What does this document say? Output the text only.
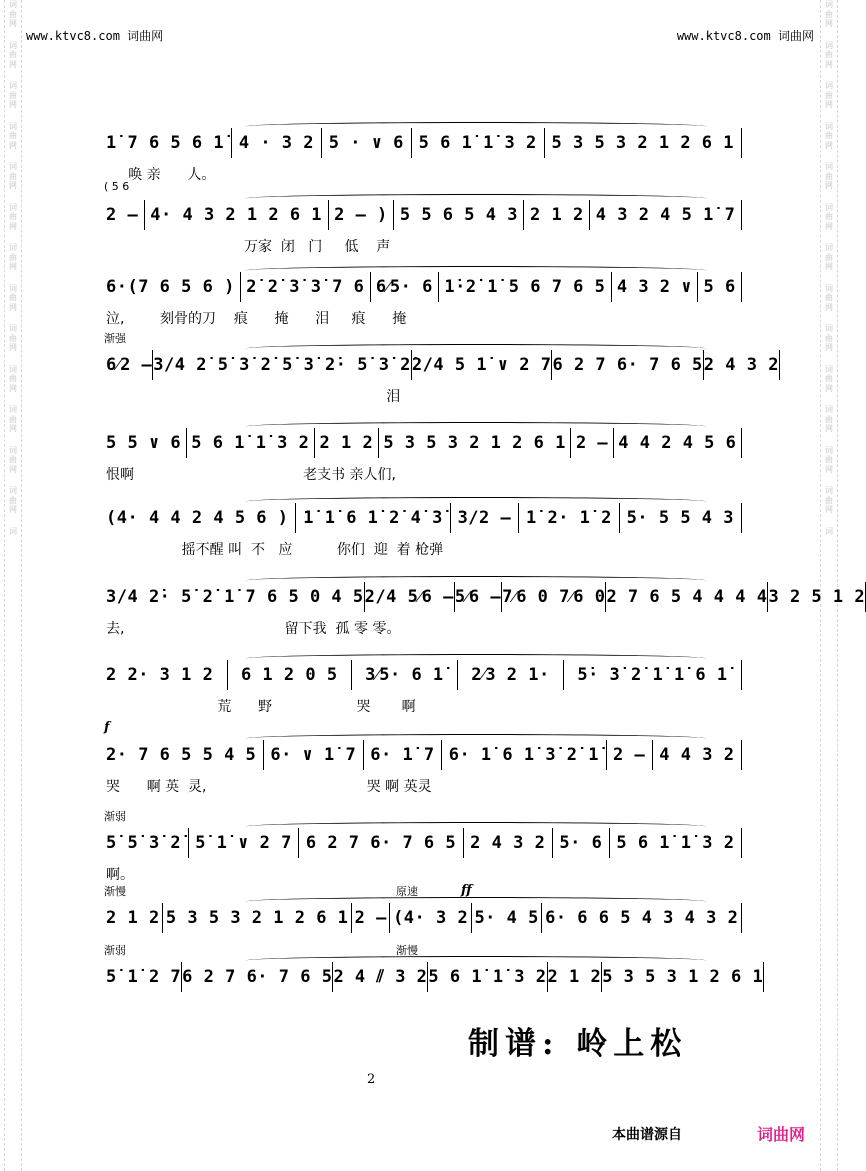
词
曲
网
词
曲
网
词
曲
网
词
曲
网
词
曲
网
词
曲
网
词
曲
网
词
曲
网
词
曲
网
词
曲
网
词
曲
网
词
曲
网
词
曲
网
词
词
曲
网
词
曲
网
词
曲
网
词
曲
网
词
曲
网
词
曲
网
词
曲
网
词
曲
网
词
曲
网
词
曲
网
词
曲
网
词
曲
网
词
曲
网
词
www.ktvc8.com 词曲网	www.ktvc8.com 词曲网
1̇ 7 6 5 6 1̇ 4 · 3 2 5 · ∨ 6 5 6 1̇ 1̇ 3 2 5 3 5 3 2 1 2 6 1
唤 亲      人。
( 5 6
2 – 4· 4 3 2 1 2 6 1 2 – ) 5 5 6 5 4 3 2 1 2 4 3 2 4 5 1̇ 7
万家  闭   门     低    声
6·(7 6 5 6 ) 2̇ 2̇ 3̇ 3̇ 7 6 6⁄5· 6 1̇·2̇ 1̇ 5 6 7 6 5 4 3 2 ∨ 5 6
泣,        刻骨的刀    痕      掩      泪     痕      掩
渐强
6⁄2 – 3/4 2̇ 5̇ 3̇ 2̇ 5̇ 3̇ 2̇· 5̇ 3̇ 2̇ 2/4 5 1̇ ∨ 2 7 6 2 7 6· 7 6 5 2 4 3 2
泪
5 5 ∨ 6 5 6 1̇ 1̇ 3 2 2 1 2 5 3 5 3 2 1 2 6 1 2 – 4 4 2 4 5 6
恨啊                                      老支书 亲人们,
(4· 4 4 2 4 5 6 ) 1̇ 1̇ 6 1̇ 2̇ 4̇ 3̇ 3/2 – 1̇ 2· 1̇ 2 5· 5 5 4 3
摇不醒 叫  不   应          你们  迎  着 枪弹
3/4 2̇· 5̇ 2̇ 1̇ 7 6 5 0 4 5 2/4 5⁄6 – 5⁄6 – 7⁄6 0 7⁄6 0 2 7 6 5 4 4 4 4 3 2 5 1 2
去,                                    留下我  孤 零 零。
2 2· 3 1 2 6 1 2 0 5 3⁄5· 6 1̇ 2⁄3 2 1· 5̇· 3̇ 2̇ 1̇ 1̇ 6 1̇
荒      野                   哭       啊
f
2· 7 6 5 5 4 5 6· ∨ 1̇ 7 6· 1̇ 7 6· 1̇ 6 1̇ 3̇ 2̇ 1̇ 2 – 4 4 3 2
哭      啊 英  灵,                                    哭 啊 英灵
渐弱
5̇ 5̇ 3̇ 2̇ 5̇ 1̇ ∨ 2 7 6 2 7 6· 7 6 5 2 4 3 2 5· 6 5 6 1̇ 1̇ 3 2
啊。
渐慢	原速	ff
2 1 2 5 3 5 3 2 1 2 6 1 2 – (4· 3 2 5· 4 5 6· 6 6 5 4 3 4 3 2
渐弱	渐慢
5̇ 1̇ 2 7 6 2 7 6· 7 6 5 2 4 ⫽ 3 2 5 6 1̇ 1̇ 3 2 2 1 2 5 3 5 3 1 2 6 1
制谱: 岭上松
2
本曲谱源自	词曲网
